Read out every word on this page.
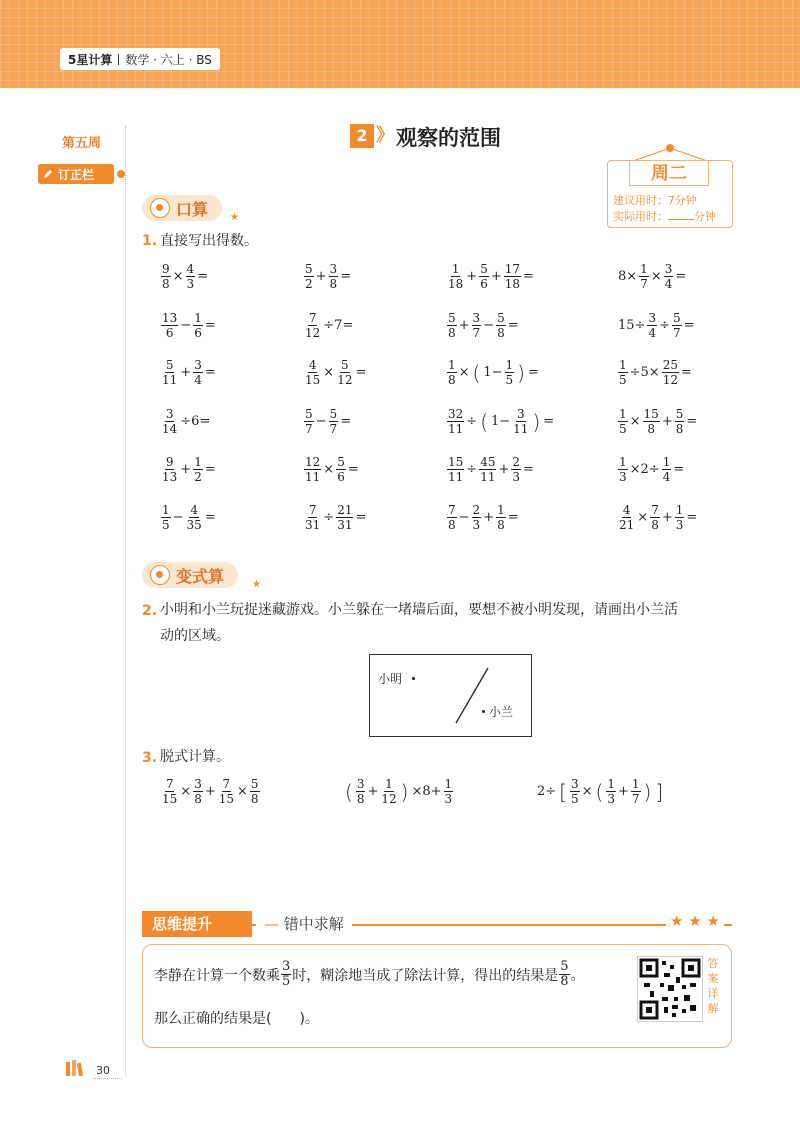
5星计算 数学 · 六上 · BS
第五周
订正栏
2 》 观察的范围
周二
建议用时：7分钟
实际用时： 分钟
口算 ★
1. 直接写出得数。
$\frac{9}{8} \times \frac{4}{3}$ =	$\frac{5}{2} + \frac{3}{8}$ =	$\frac{1}{18} + \frac{5}{6} + \frac{17}{18}$ =	$8\times \frac{1}{7} \times \frac{3}{4}$ =
$\frac{13}{6} - \frac{1}{6}$ =	$\frac{7}{12} \div 7=$	$\frac{5}{8} + \frac{3}{7} - \frac{5}{8}$ =	$15\div \frac{3}{4} \div \frac{5}{7}$ =
$\frac{5}{11} + \frac{3}{4}$ =	$\frac{4}{15} \times \frac{5}{12}$ =	$\frac{1}{8}$ × ( $1- \frac{1}{5}$ ) =	$\frac{1}{5} \div 5\times \frac{25}{12}$ =
$\frac{3}{14} \div 6=$	$\frac{5}{7} - \frac{5}{7}$ =	$\frac{32}{11}$ ÷ ( $1- \frac{3}{11}$ ) =	$\frac{1}{5} \times \frac{15}{8} + \frac{5}{8}$ =
$\frac{9}{13} + \frac{1}{2}$ =	$\frac{12}{11} \times \frac{5}{6}$ =	$\frac{15}{11} \div \frac{45}{11} + \frac{2}{3}$ =	$\frac{1}{3} \times 2\div \frac{1}{4}$ =
$\frac{1}{5} - \frac{4}{35}$ =	$\frac{7}{31} \div \frac{21}{31}$ =	$\frac{7}{8} - \frac{2}{3} + \frac{1}{8}$ =	$\frac{4}{21} \times \frac{7}{8} + \frac{1}{3}$ =
变式算	★
2. 小明和小兰玩捉迷藏游戏。小兰躲在一堵墙后面，要想不被小明发现，请画出小兰活
动的区域。
小明
小兰
3. 脱式计算。
$\frac{7}{15} \times \frac{3}{8} + \frac{7}{15} \times \frac{5}{8}$	( $\frac{3}{8} + \frac{1}{12}$ ) $\times 8+ \frac{1}{3}$	2÷ [ $\frac{3}{5}$ × ( $\frac{1}{3} + \frac{1}{7}$ ) ]
思维提升	— 错中求解	★ ★ ★
李静在计算一个数乘 $\frac{3}{5}$ 时，糊涂地当成了除法计算，得出的结果是 $\frac{5}{8}$ 。
那么正确的结果是(　　)。
答案详解
30
